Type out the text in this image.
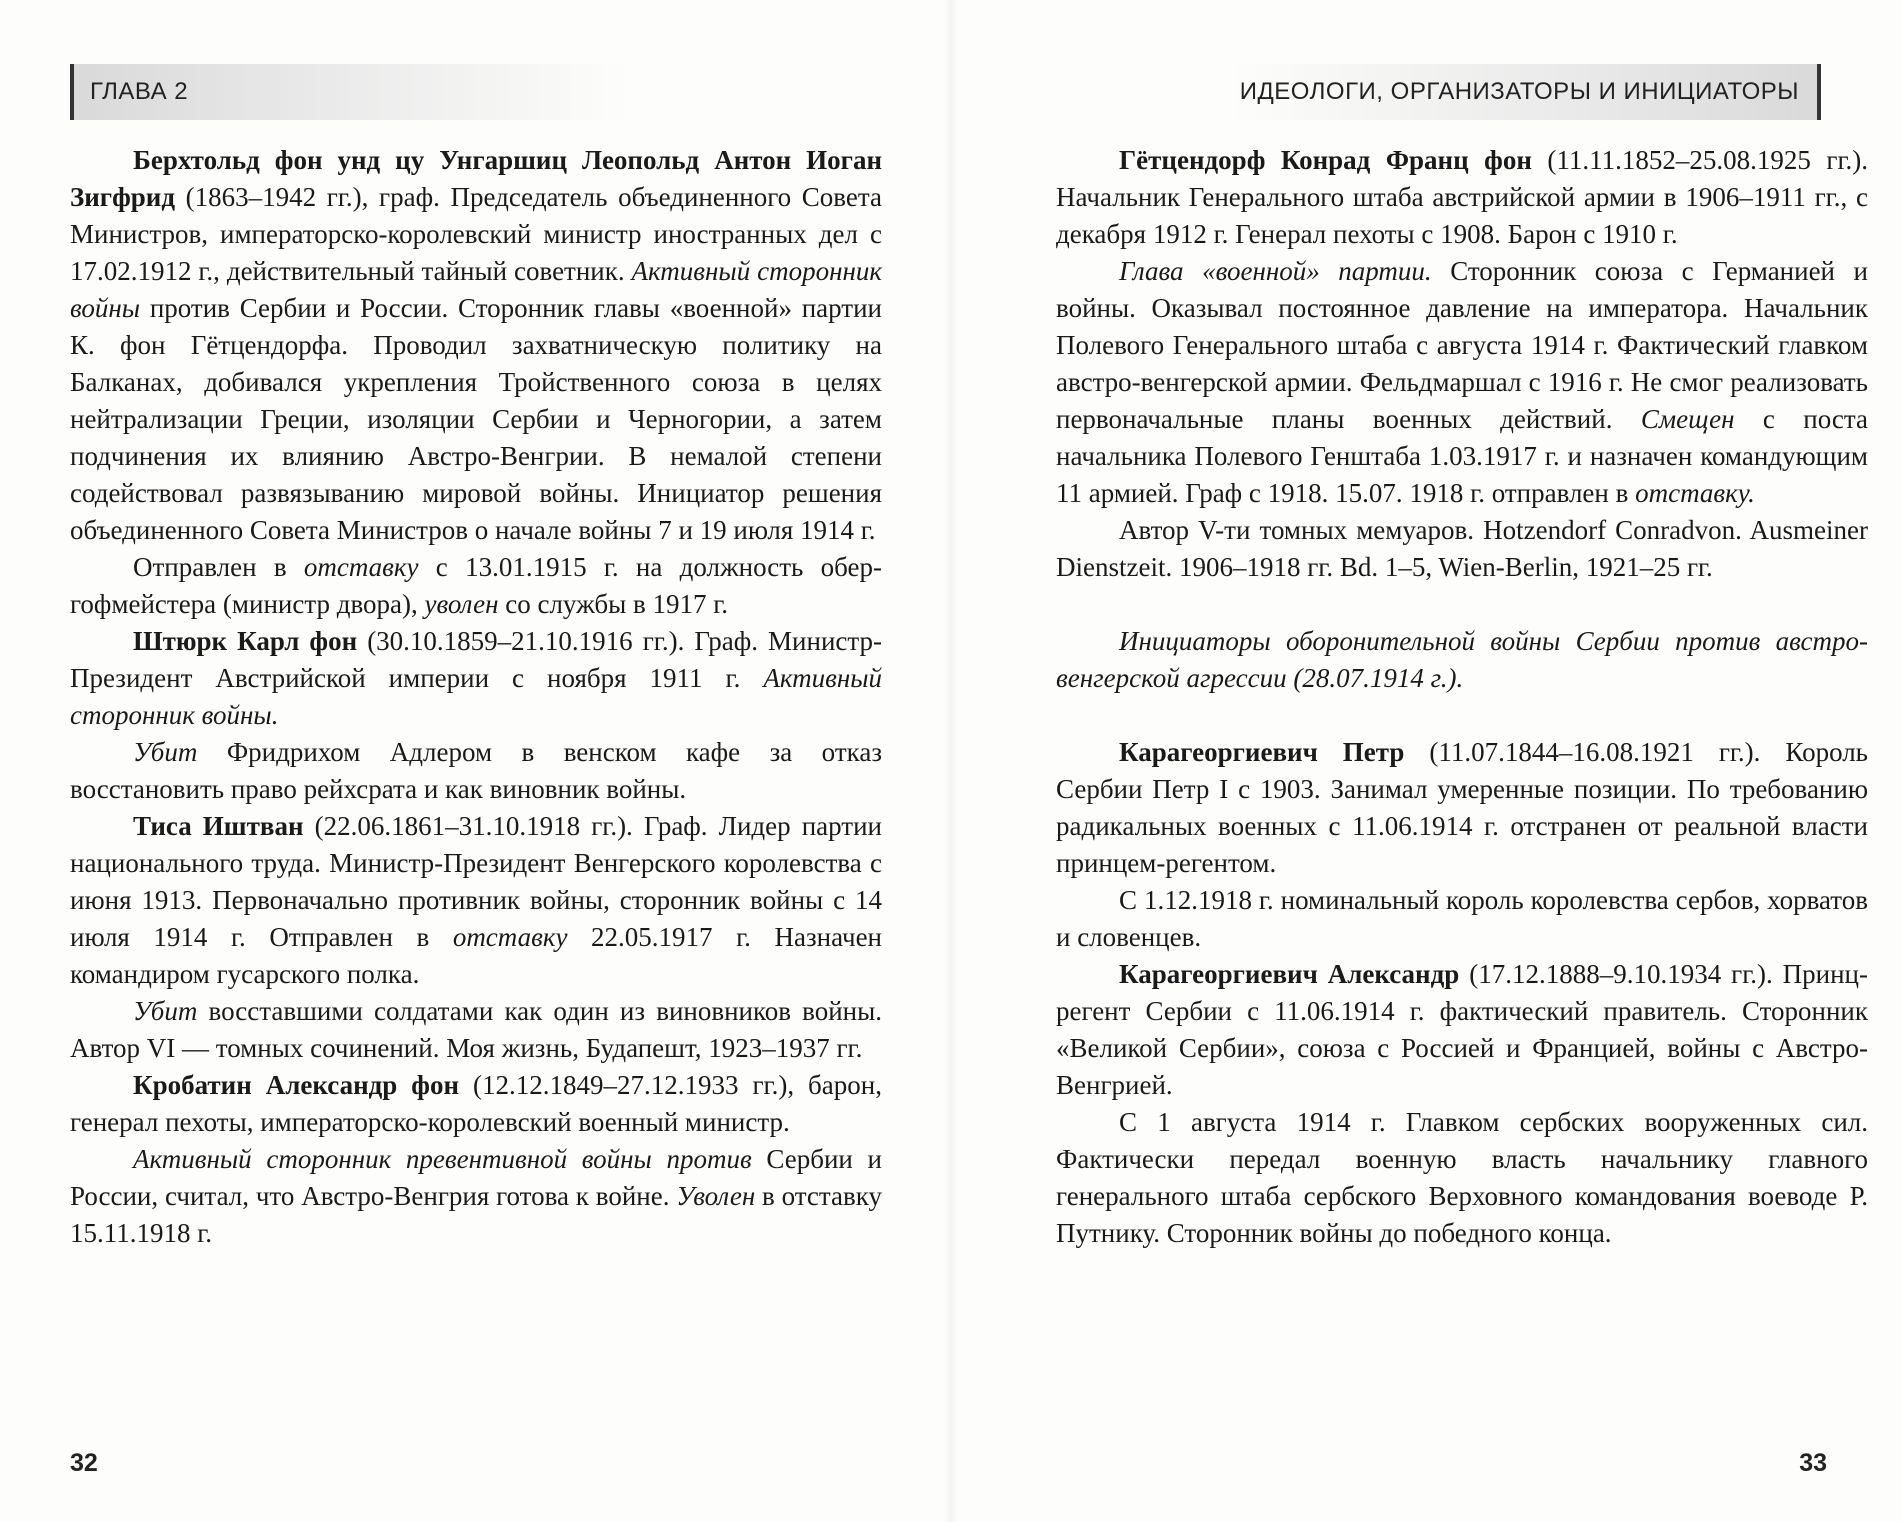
ГЛАВА 2

Берхтольд фон унд цу Унгаршиц Леопольд Антон Иоган Зигфрид (1863–1942 гг.), граф. Председатель объединенного Совета Министров, императорско-королевский министр иностранных дел с 17.02.1912 г., действительный тайный советник. Активный сторонник войны против Сербии и России. Сторонник главы «военной» партии К. фон Гётцендорфа. Проводил захватническую политику на Балканах, добивался укрепления Тройственного союза в целях нейтрализации Греции, изоляции Сербии и Черногории, а затем подчинения их влиянию Австро-Венгрии. В немалой степени содействовал развязыванию мировой войны. Инициатор решения объединенного Совета Министров о начале войны 7 и 19 июля 1914 г.

Отправлен в отставку с 13.01.1915 г. на должность обер-гофмейстера (министр двора), уволен со службы в 1917 г.

Штюрк Карл фон (30.10.1859–21.10.1916 гг.). Граф. Министр-Президент Австрийской империи с ноября 1911 г. Активный сторонник войны.

Убит Фридрихом Адлером в венском кафе за отказ восстановить право рейхсрата и как виновник войны.

Тиса Иштван (22.06.1861–31.10.1918 гг.). Граф. Лидер партии национального труда. Министр-Президент Венгерского королевства с июня 1913. Первоначально противник войны, сторонник войны с 14 июля 1914 г. Отправлен в отставку 22.05.1917 г. Назначен командиром гусарского полка.

Убит восставшими солдатами как один из виновников войны. Автор VI — томных сочинений. Моя жизнь, Будапешт, 1923–1937 гг.

Кробатин Александр фон (12.12.1849–27.12.1933 гг.), барон, генерал пехоты, императорско-королевский военный министр.

Активный сторонник превентивной войны против Сербии и России, считал, что Австро-Венгрия готова к войне. Уволен в отставку 15.11.1918 г.

32
ИДЕОЛОГИ, ОРГАНИЗАТОРЫ И ИНИЦИАТОРЫ

Гётцендорф Конрад Франц фон (11.11.1852–25.08.1925 гг.). Начальник Генерального штаба австрийской армии в 1906–1911 гг., с декабря 1912 г. Генерал пехоты с 1908. Барон с 1910 г.

Глава «военной» партии. Сторонник союза с Германией и войны. Оказывал постоянное давление на императора. Начальник Полевого Генерального штаба с августа 1914 г. Фактический главком австро-венгерской армии. Фельдмаршал с 1916 г. Не смог реализовать первоначальные планы военных действий. Смещен с поста начальника Полевого Генштаба 1.03.1917 г. и назначен командующим 11 армией. Граф с 1918. 15.07. 1918 г. отправлен в отставку.

Автор V-ти томных мемуаров. Hotzendorf Conradvon. Ausmeiner Dienstzeit. 1906–1918 гг. Bd. 1–5, Wien-Berlin, 1921–25 гг.

Инициаторы оборонительной войны Сербии против австро-венгерской агрессии (28.07.1914 г.).

Карагеоргиевич Петр (11.07.1844–16.08.1921 гг.). Король Сербии Петр I с 1903. Занимал умеренные позиции. По требованию радикальных военных с 11.06.1914 г. отстранен от реальной власти принцем-регентом.

С 1.12.1918 г. номинальный король королевства сербов, хорватов и словенцев.

Карагеоргиевич Александр (17.12.1888–9.10.1934 гг.). Принц-регент Сербии с 11.06.1914 г. фактический правитель. Сторонник «Великой Сербии», союза с Россией и Францией, войны с Австро-Венгрией.

С 1 августа 1914 г. Главком сербских вооруженных сил. Фактически передал военную власть начальнику главного генерального штаба сербского Верховного командования воеводе Р. Путнику. Сторонник войны до победного конца.

33
